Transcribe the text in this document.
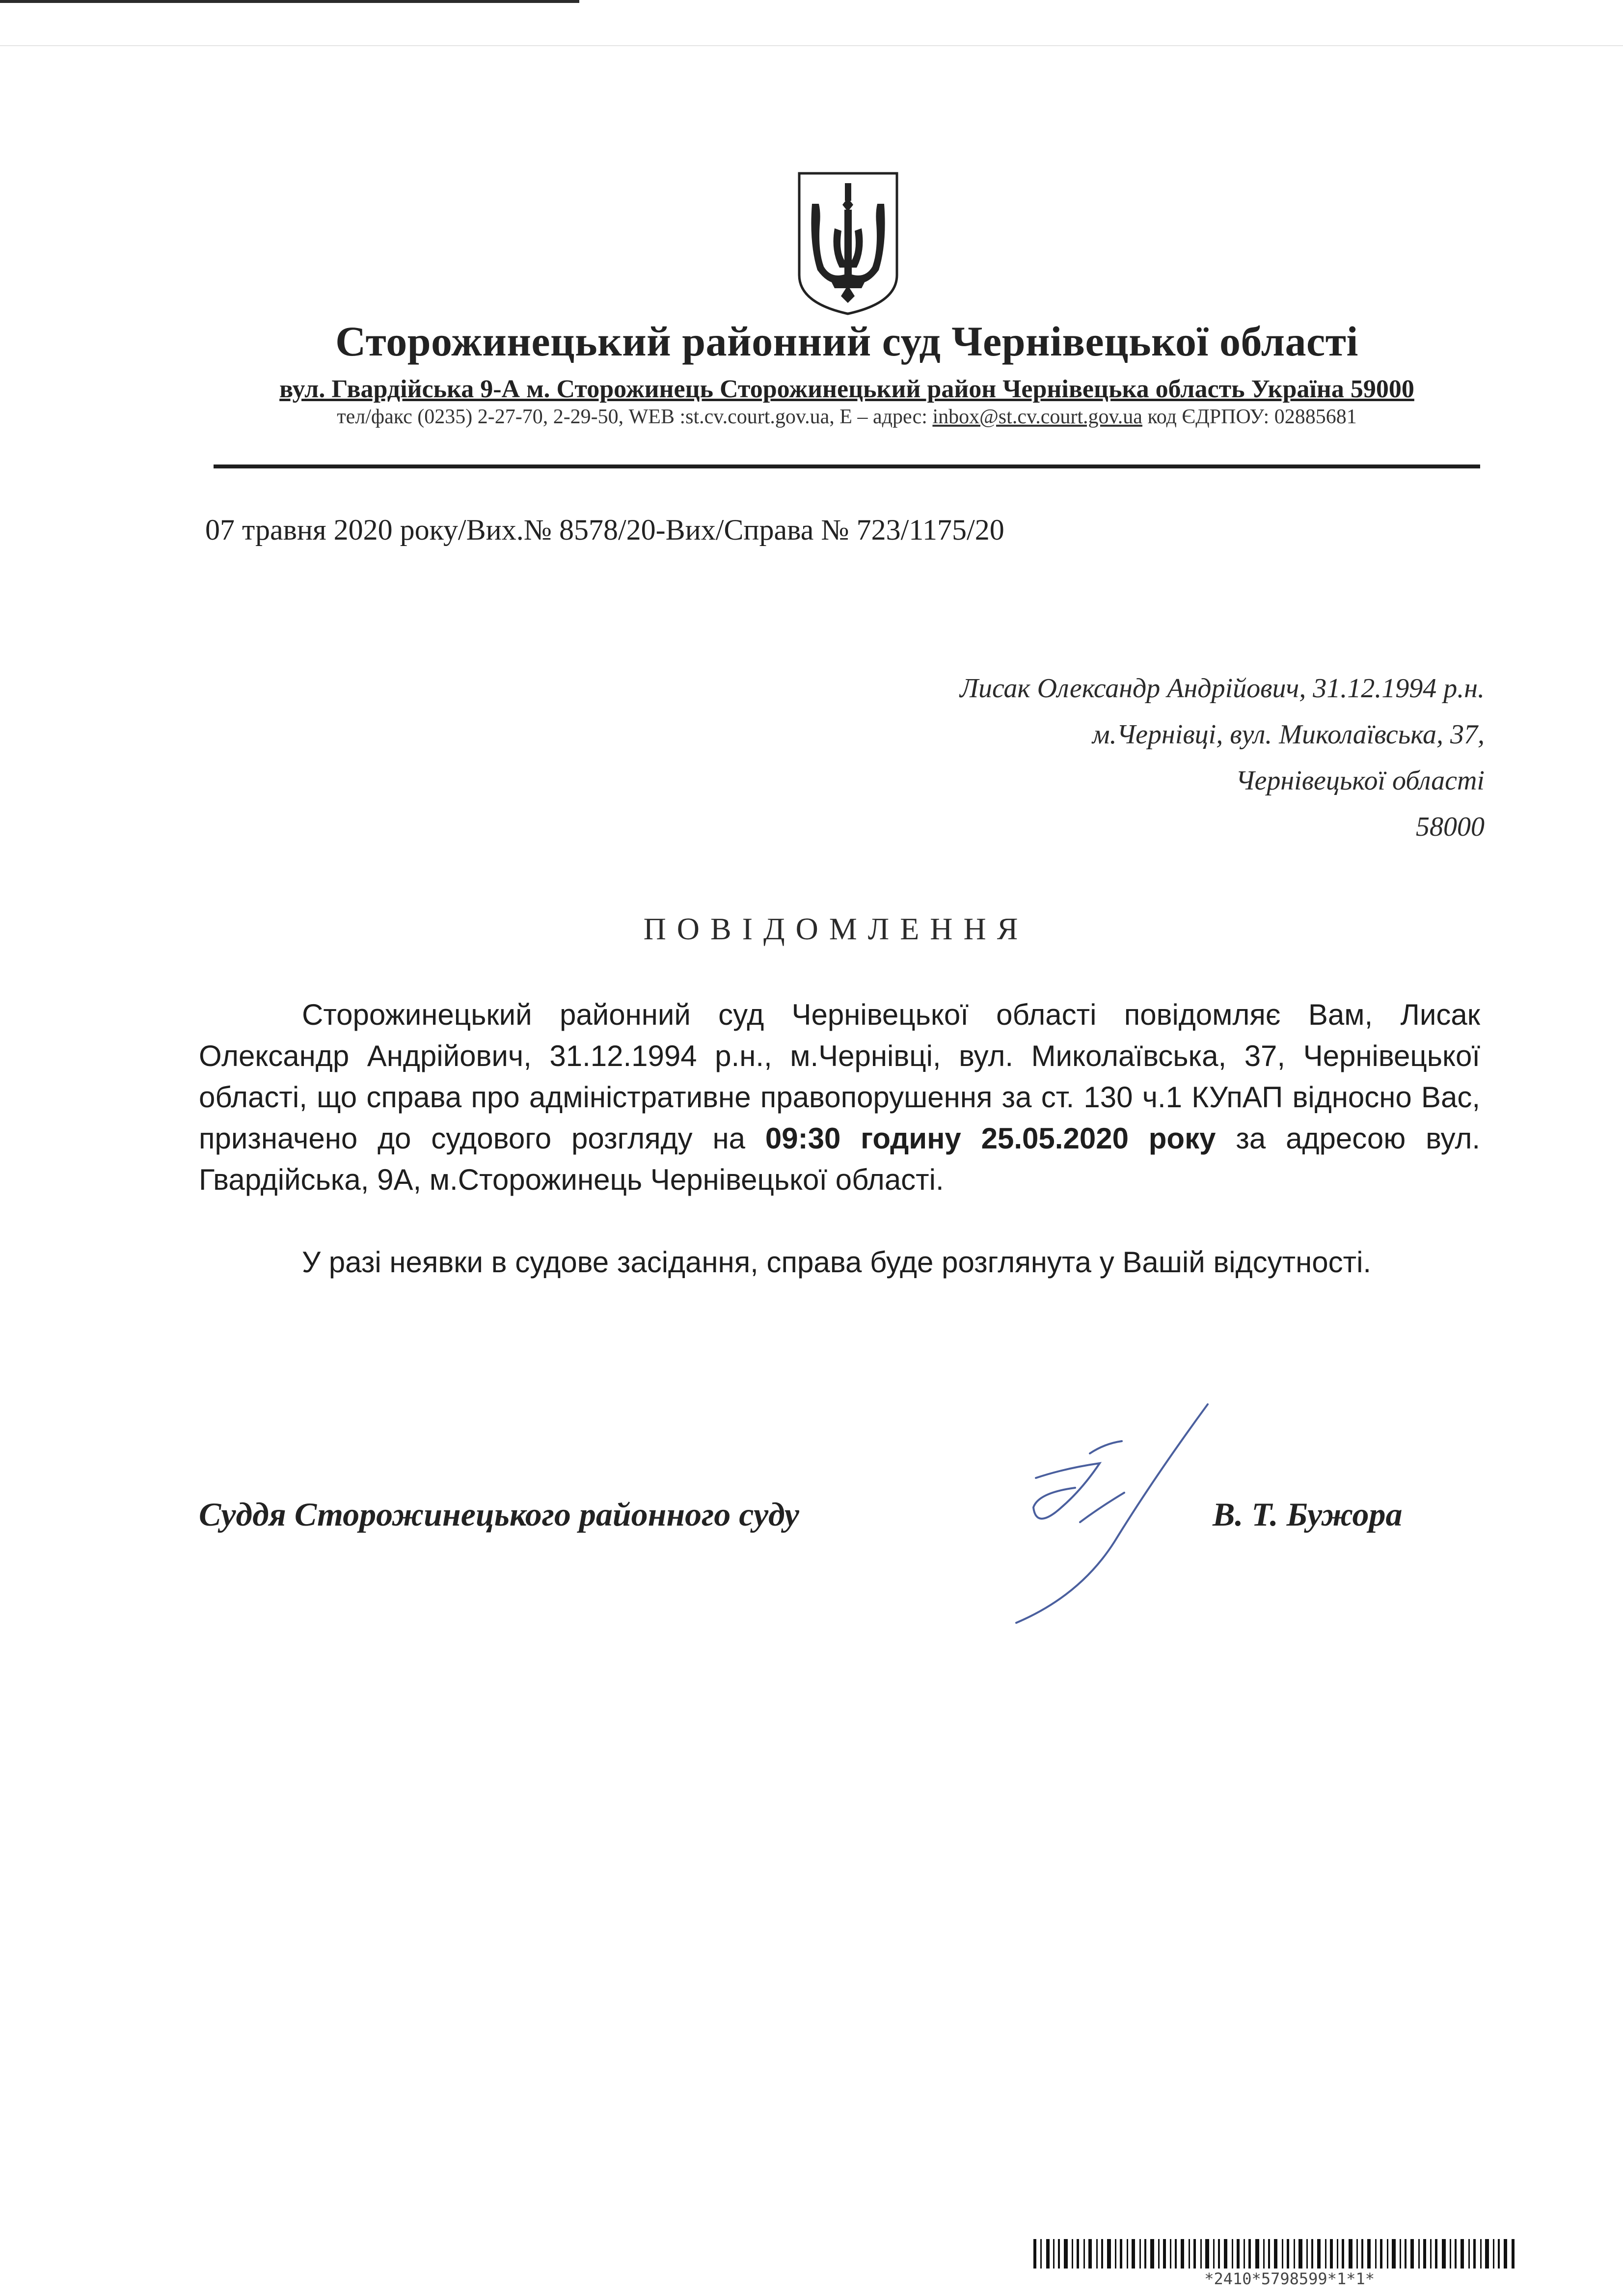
Сторожинецький районний суд Чернівецької області
вул. Гвардійська 9-А м. Сторожинець Сторожинецький район Чернівецька область Україна 59000
тел/факс (0235) 2-27-70, 2-29-50, WEB :st.cv.court.gov.ua, E – адрес: inbox@st.cv.court.gov.ua код ЄДРПОУ: 02885681
07 травня 2020 року/Вих.№ 8578/20-Вих/Справа № 723/1175/20
Лисак Олександр Андрійович, 31.12.1994 р.н.
м.Чернівці, вул. Миколаївська, 37,
Чернівецької області
58000
ПОВІДОМЛЕННЯ

Сторожинецький районний суд Чернівецької області повідомляє Вам, Лисак Олександр Андрійович, 31.12.1994 р.н., м.Чернівці, вул. Миколаївська, 37, Чернівецької області, що справа про адміністративне правопорушення за ст. 130 ч.1 КУпАП відносно Вас, призначено до судового розгляду на 09:30 годину 25.05.2020 року за адресою вул. Гвардійська, 9А, м.Сторожинець Чернівецької області.

У разі неявки в судове засідання, справа буде розглянута у Вашій відсутності.

Суддя Сторожинецького районного суду	В. Т. Бужора
*2410*5798599*1*1*
